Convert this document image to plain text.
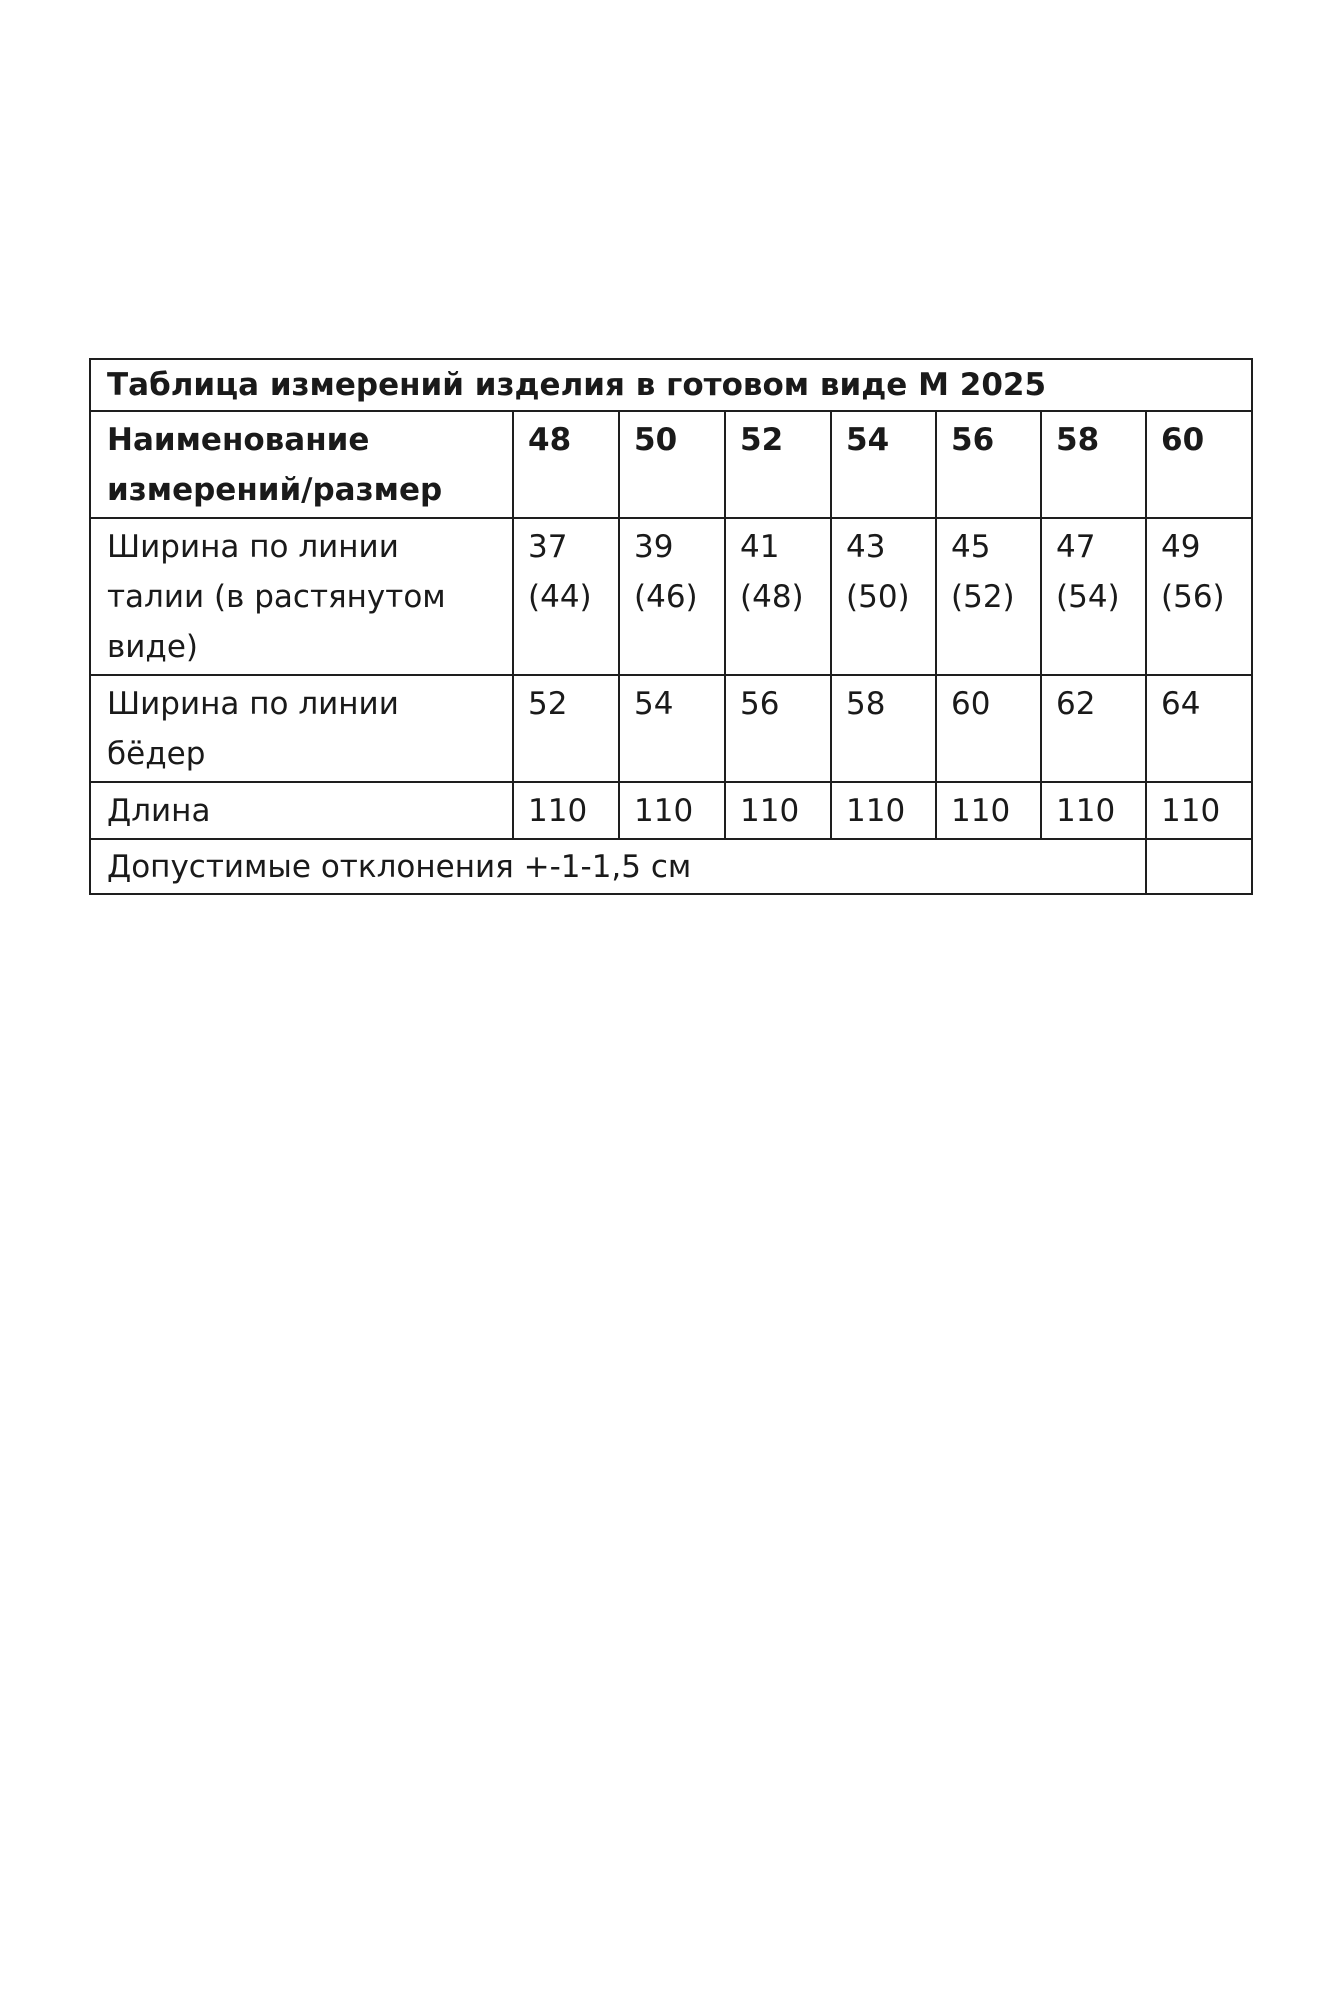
Таблица измерений изделия в готовом виде М 2025							
Наименование измерений/размер	48	50	52	54	56	58	60
Ширина по линии талии (в растянутом виде)	37 (44)	39 (46)	41 (48)	43 (50)	45 (52)	47 (54)	49 (56)
Ширина по линии бёдер	52	54	56	58	60	62	64
Длина	110	110	110	110	110	110	110
Допустимые отклонения +-1-1,5 см							
